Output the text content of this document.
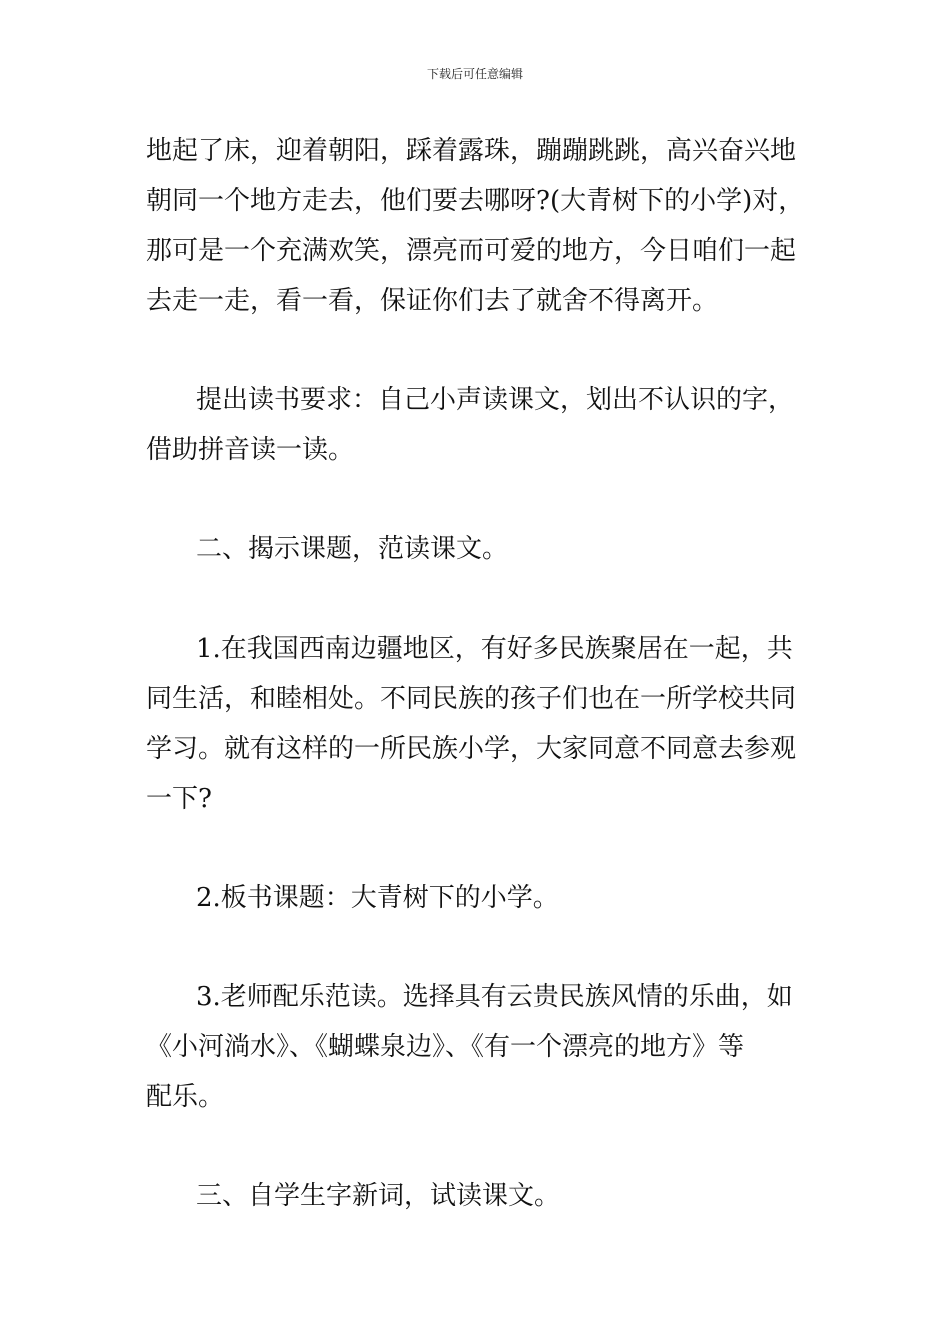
下载后可任意编辑
地起了床，迎着朝阳，踩着露珠，蹦蹦跳跳，高兴奋兴地
朝同一个地方走去，他们要去哪呀?(大青树下的小学)对，
那可是一个充满欢笑，漂亮而可爱的地方，今日咱们一起
去走一走，看一看，保证你们去了就舍不得离开。
提出读书要求：自己小声读课文，划出不认识的字，
借助拼音读一读。
二、揭示课题，范读课文。
1.在我国西南边疆地区，有好多民族聚居在一起，共
同生活，和睦相处。不同民族的孩子们也在一所学校共同
学习。就有这样的一所民族小学，大家同意不同意去参观
一下?
2.板书课题：大青树下的小学。
3.老师配乐范读。选择具有云贵民族风情的乐曲，如
《小河淌水》、《蝴蝶泉边》、《有一个漂亮的地方》等
配乐。
三、自学生字新词，试读课文。
